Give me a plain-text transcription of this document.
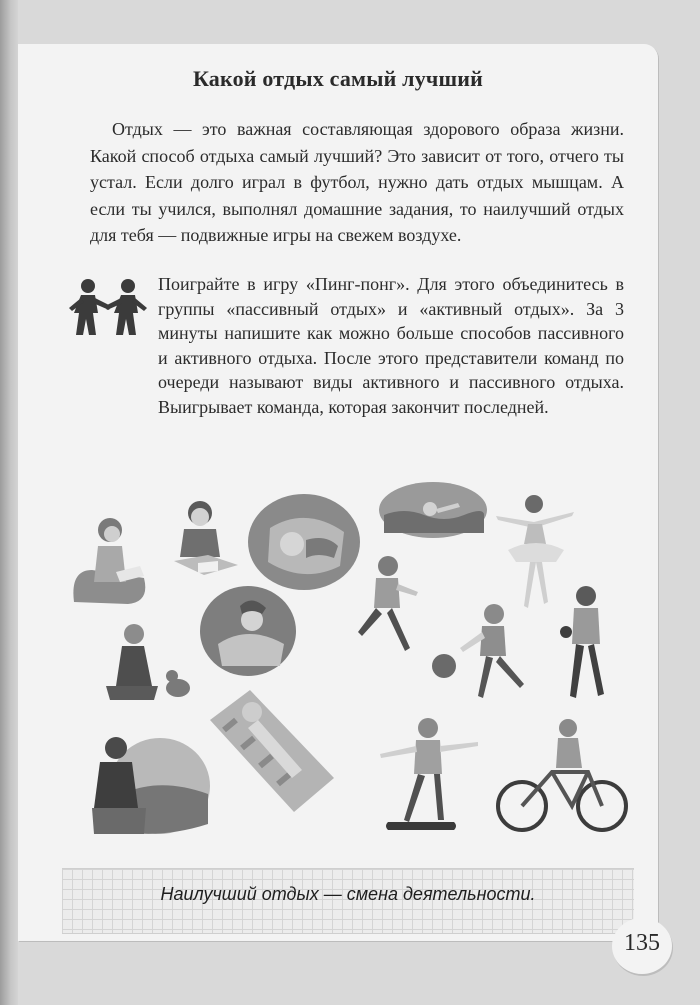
Какой отдых самый лучший

Отдых — это важная составляющая здорового образа жизни. Какой способ отдыха самый лучший? Это зависит от того, отчего ты устал. Если долго играл в футбол, нужно дать отдых мышцам. А если ты учился, выполнял домашние задания, то наилучший отдых для тебя — подвижные игры на свежем воздухе.

Поиграйте в игру «Пинг-понг». Для этого объединитесь в группы «пассивный отдых» и «активный отдых». За 3 минуты напишите как можно больше способов пассивного и активного отдыха. После этого представители команд по очереди называют виды активного и пассивного отдыха. Выигрывает команда, которая закончит последней.

Наилучший отдых — смена деятельности.
135
